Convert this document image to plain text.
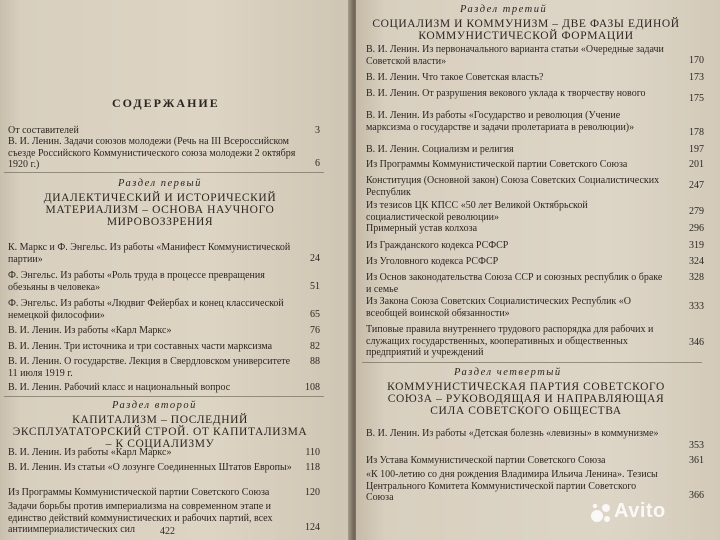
СОДЕРЖАНИЕ
От составителей	3
В. И. Ленин. Задачи союзов молодежи (Речь на III Всероссийском съезде Российского Коммунистического союза молодежи 2 октября 1920 г.)	6
Раздел первый
ДИАЛЕКТИЧЕСКИЙ И ИСТОРИЧЕСКИЙ МАТЕРИАЛИЗМ – ОСНОВА НАУЧНОГО МИРОВОЗЗРЕНИЯ
К. Маркс и Ф. Энгельс. Из работы «Манифест Коммунистической партии»	24
Ф. Энгельс. Из работы «Роль труда в процессе превращения обезьяны в человека»	51
Ф. Энгельс. Из работы «Людвиг Фейербах и конец классической немецкой философии»	65
В. И. Ленин. Из работы «Карл Маркс»	76
В. И. Ленин. Три источника и три составных части марксизма	82
В. И. Ленин. О государстве. Лекция в Свердловском университете 11 июля 1919 г.
88
В. И. Ленин. Рабочий класс и национальный вопрос	108
Раздел второй
КАПИТАЛИЗМ – ПОСЛЕДНИЙ ЭКСПЛУАТАТОРСКИЙ СТРОЙ. ОТ КАПИТАЛИЗМА – К СОЦИАЛИЗМУ
В. И. Ленин. Из работы «Карл Маркс»	110
В. И. Ленин. Из статьи «О лозунге Соединенных Штатов Европы»	118
Из Программы Коммунистической партии Советского Союза	120
Задачи борьбы против империализма на современном этапе и единство действий коммунистических и рабочих партий, всех антиимпериалистических сил	124
422
Раздел третий
СОЦИАЛИЗМ И КОММУНИЗМ – ДВЕ ФАЗЫ ЕДИНОЙ КОММУНИСТИЧЕСКОЙ ФОРМАЦИИ
В. И. Ленин. Из первоначального варианта статьи «Очередные задачи Советской власти»	170
В. И. Ленин. Что такое Советская власть?	173
В. И. Ленин. От разрушения векового уклада к творчеству нового	175
В. И. Ленин. Из работы «Государство и революция (Учение марксизма о государстве и задачи пролетариата в революции)»	178
В. И. Ленин. Социализм и религия	197
Из Программы Коммунистической партии Советского Союза	201
Конституция (Основной закон) Союза Советских Социалистических Республик
247
Из тезисов ЦК КПСС «50 лет Великой Октябрьской социалистической революции»	279
Примерный устав колхоза	296
Из Гражданского кодекса РСФСР	319
Из Уголовного кодекса РСФСР	324
Из Основ законодательства Союза ССР и союзных республик о браке и семье
328
Из Закона Союза Советских Социалистических Республик «О всеобщей воинской обязанности»
333
Типовые правила внутреннего трудового распорядка для рабочих и служащих государственных, кооперативных и общественных предприятий и учреждений
346
Раздел четвертый
КОММУНИСТИЧЕСКАЯ ПАРТИЯ СОВЕТСКОГО СОЮЗА – РУКОВОДЯЩАЯ И НАПРАВЛЯЮЩАЯ СИЛА СОВЕТСКОГО ОБЩЕСТВА
В. И. Ленин. Из работы «Детская болезнь «левизны» в коммунизме»
353
Из Устава Коммунистической партии Советского Союза	361
«К 100-летию со дня рождения Владимира Ильича Ленина». Тезисы Центрального Комитета Коммунистической партии Советского Союза	366
Avito
